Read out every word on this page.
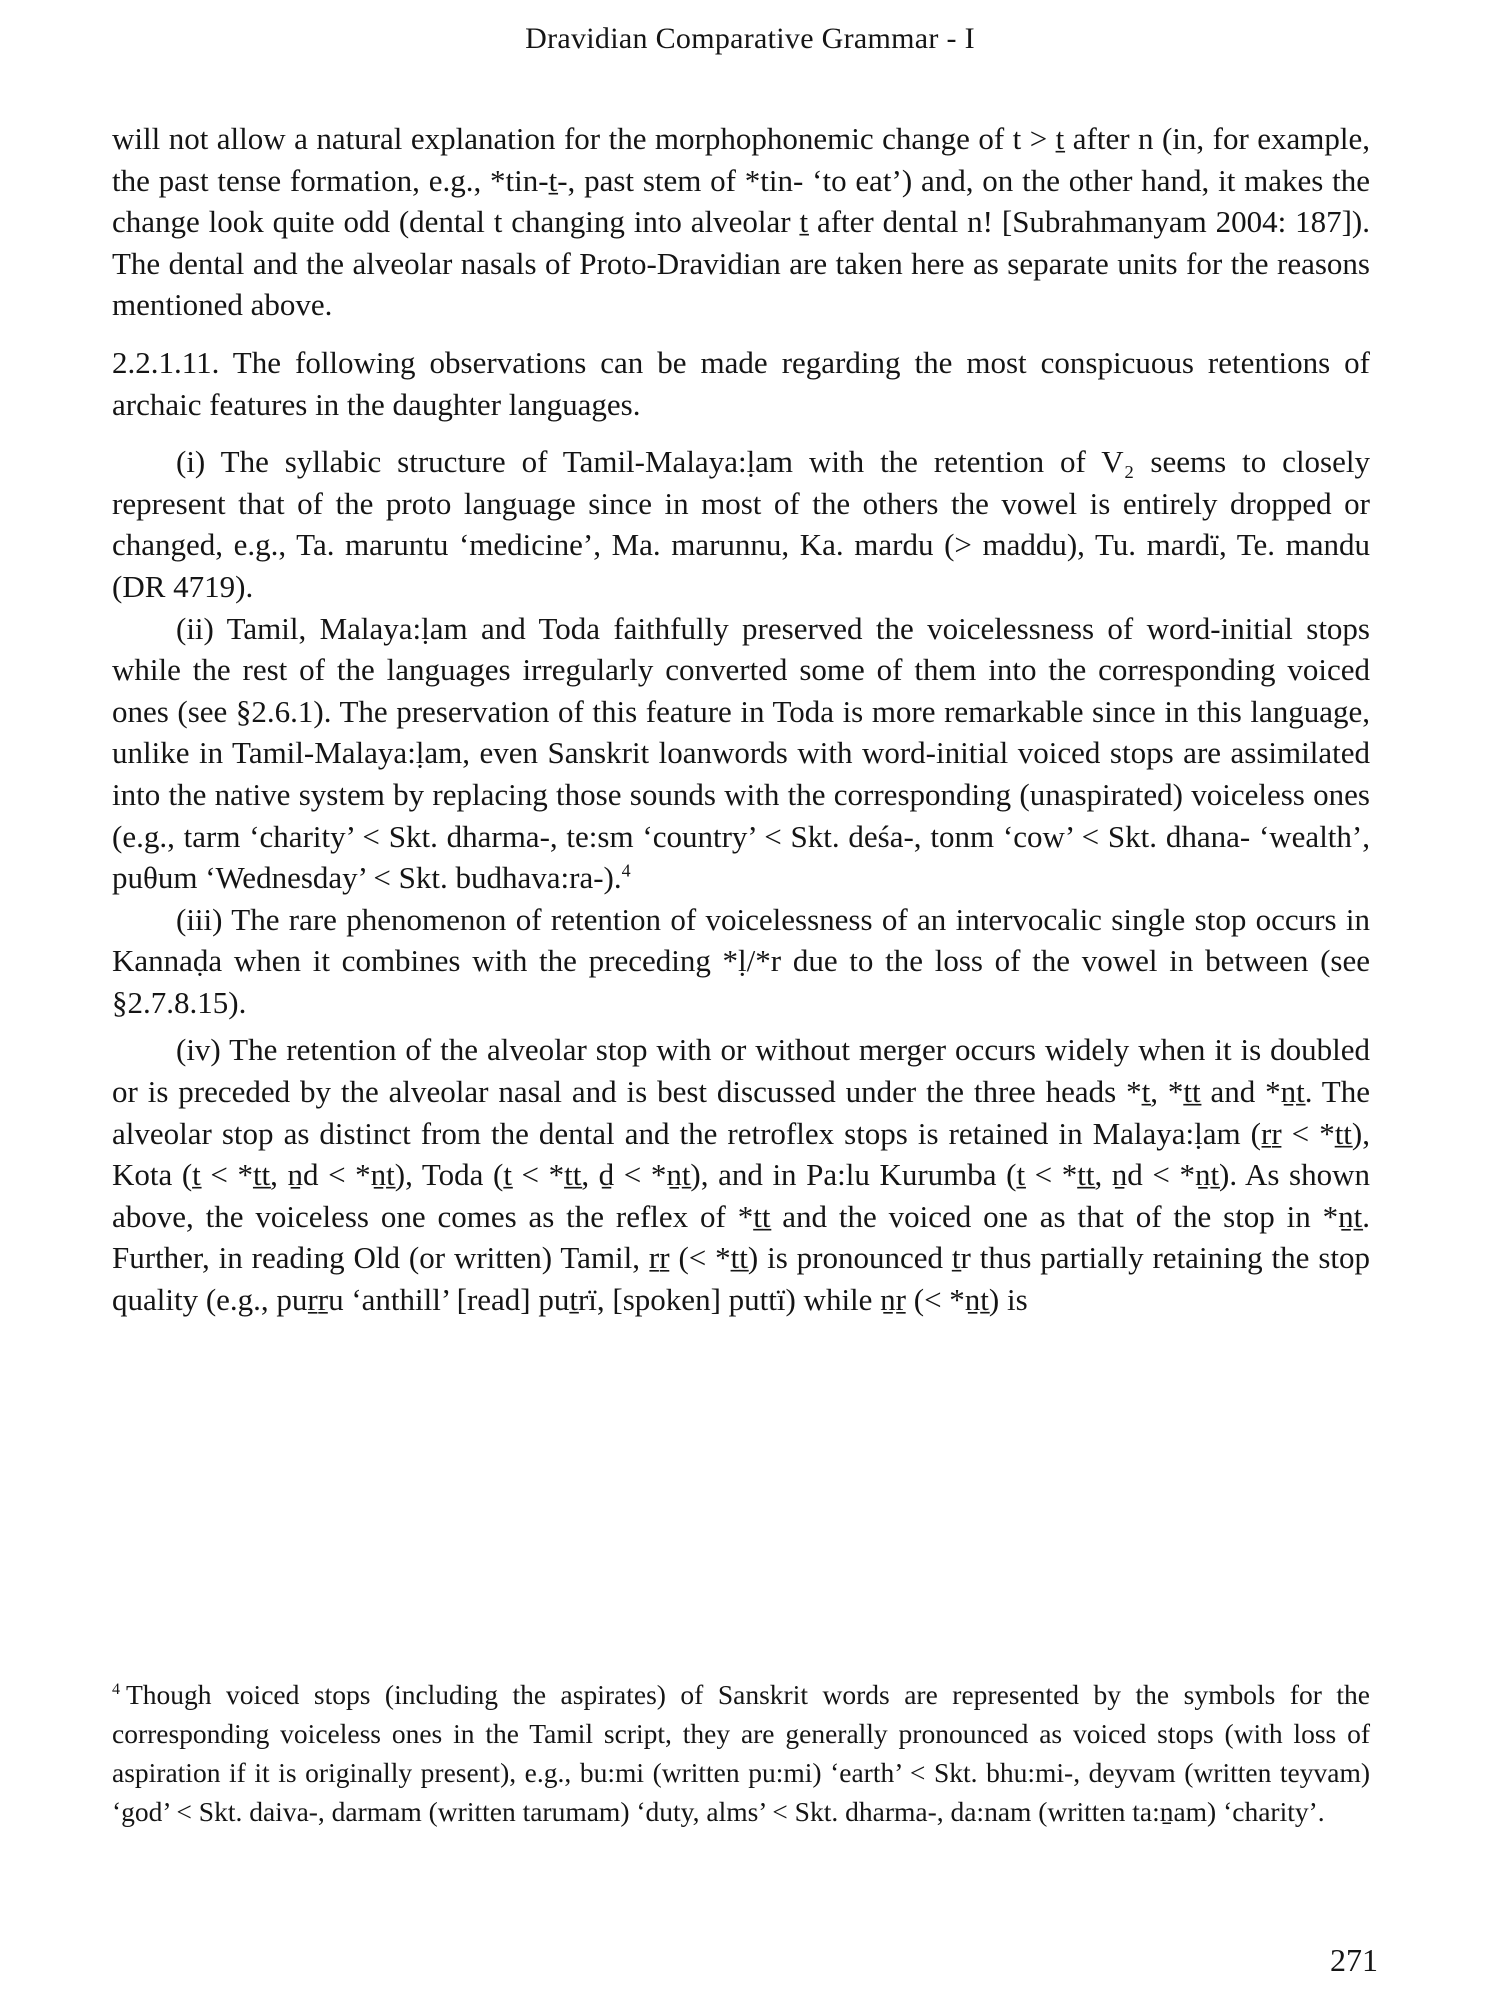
Dravidian Comparative Grammar - I

will not allow a natural explanation for the morphophonemic change of t > ṯ after n (in, for example, the past tense formation, e.g., *tin-ṯ-, past stem of *tin- ‘to eat’) and, on the other hand, it makes the change look quite odd (dental t changing into alveolar ṯ after dental n! [Subrahmanyam 2004: 187]). The dental and the alveolar nasals of Proto-Dravidian are taken here as separate units for the reasons mentioned above.

2.2.1.11. The following observations can be made regarding the most conspicuous retentions of archaic features in the daughter languages.

(i) The syllabic structure of Tamil-Malaya:ḷam with the retention of V₂ seems to closely represent that of the proto language since in most of the others the vowel is entirely dropped or changed, e.g., Ta. maruntu ‘medicine’, Ma. marunnu, Ka. mardu (> maddu), Tu. mardï, Te. mandu (DR 4719).

(ii) Tamil, Malaya:ḷam and Toda faithfully preserved the voicelessness of word-initial stops while the rest of the languages irregularly converted some of them into the corresponding voiced ones (see §2.6.1). The preservation of this feature in Toda is more remarkable since in this language, unlike in Tamil-Malaya:ḷam, even Sanskrit loanwords with word-initial voiced stops are assimilated into the native system by replacing those sounds with the corresponding (unaspirated) voiceless ones (e.g., tarm ‘charity’ < Skt. dharma-, te:sm ‘country’ < Skt. deśa-, tonm ‘cow’ < Skt. dhana- ‘wealth’, puθum ‘Wednesday’ < Skt. budhava:ra-).$^4$

(iii) The rare phenomenon of retention of voicelessness of an intervocalic single stop occurs in Kannaḍa when it combines with the preceding *ḷ/*r due to the loss of the vowel in between (see §2.7.8.15).

(iv) The retention of the alveolar stop with or without merger occurs widely when it is doubled or is preceded by the alveolar nasal and is best discussed under the three heads *ṯ, *ṯṯ and *ṉṯ. The alveolar stop as distinct from the dental and the retroflex stops is retained in Malaya:ḷam (ṟṟ < *ṯṯ), Kota (ṯ < *ṯṯ, ṉd < *ṉṯ), Toda (ṯ < *ṯṯ, ḏ < *ṉṯ), and in Pa:lu Kurumba (ṯ < *ṯṯ, ṉd < *ṉṯ). As shown above, the voiceless one comes as the reflex of *ṯṯ and the voiced one as that of the stop in *ṉṯ. Further, in reading Old (or written) Tamil, ṟṟ (< *ṯṯ) is pronounced ṯr thus partially retaining the stop quality (e.g., puṟṟu ‘anthill’ [read] puṯrï, [spoken] puttï) while ṉṟ (< *ṉṯ) is

$^4$ Though voiced stops (including the aspirates) of Sanskrit words are represented by the symbols for the corresponding voiceless ones in the Tamil script, they are generally pronounced as voiced stops (with loss of aspiration if it is originally present), e.g., bu:mi (written pu:mi) ‘earth’ < Skt. bhu:mi-, deyvam (written teyvam) ‘god’ < Skt. daiva-, darmam (written tarumam) ‘duty, alms’ < Skt. dharma-, da:nam (written ta:ṉam) ‘charity’.

271
